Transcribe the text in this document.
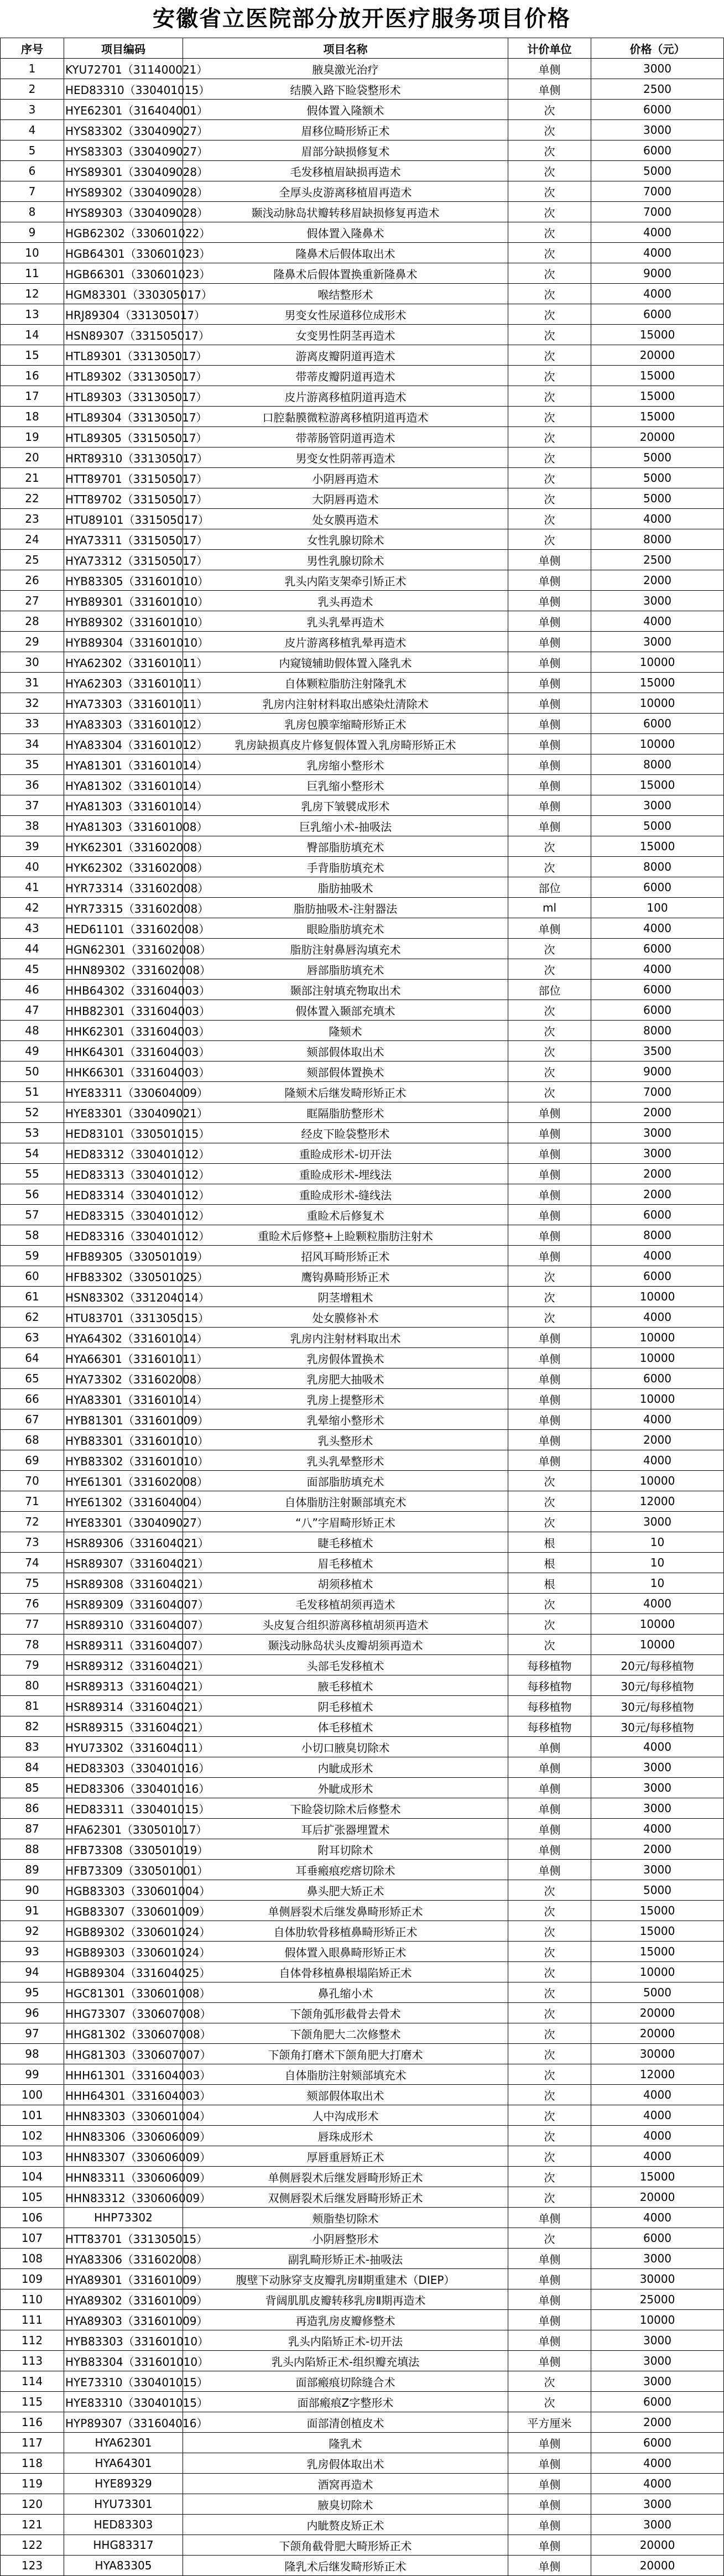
安徽省立医院部分放开医疗服务项目价格
序号	项目编码	项目名称	计价单位	价格（元）
1	KYU72701（311400021）	腋臭激光治疗	单侧	3000
2	HED83310（330401015）	结膜入路下睑袋整形术	单侧	2500
3	HYE62301（316404001）	假体置入隆额术	次	6000
4	HYS83302（330409027）	眉移位畸形矫正术	次	3000
5	HYS83303（330409027）	眉部分缺损修复术	次	6000
6	HYS89301（330409028）	毛发移植眉缺损再造术	次	5000
7	HYS89302（330409028）	全厚头皮游离移植眉再造术	次	7000
8	HYS89303（330409028）	颞浅动脉岛状瓣转移眉缺损修复再造术	次	7000
9	HGB62302（330601022）	假体置入隆鼻术	次	4000
10	HGB64301（330601023）	隆鼻术后假体取出术	次	4000
11	HGB66301（330601023）	隆鼻术后假体置换重新隆鼻术	次	9000
12	HGM83301（330305017）	喉结整形术	次	4000
13	HRJ89304（331305017）	男变女性尿道移位成形术	次	6000
14	HSN89307（331505017）	女变男性阴茎再造术	次	15000
15	HTL89301（331305017）	游离皮瓣阴道再造术	次	20000
16	HTL89302（331305017）	带蒂皮瓣阴道再造术	次	15000
17	HTL89303（331305017）	皮片游离移植阴道再造术	次	15000
18	HTL89304（331305017）	口腔黏膜微粒游离移植阴道再造术	次	15000
19	HTL89305（331505017）	带蒂肠管阴道再造术	次	20000
20	HRT89310（331305017）	男变女性阴蒂再造术	次	5000
21	HTT89701（331505017）	小阴唇再造术	次	5000
22	HTT89702（331505017）	大阴唇再造术	次	5000
23	HTU89101（331505017）	处女膜再造术	次	4000
24	HYA73311（331505017）	女性乳腺切除术	次	8000
25	HYA73312（331505017）	男性乳腺切除术	单侧	2500
26	HYB83305（331601010）	乳头内陷支架牵引矫正术	单侧	2000
27	HYB89301（331601010）	乳头再造术	单侧	3000
28	HYB89302（331601010）	乳头乳晕再造术	单侧	4000
29	HYB89304（331601010）	皮片游离移植乳晕再造术	单侧	3000
30	HYA62302（331601011）	内窥镜辅助假体置入隆乳术	单侧	10000
31	HYA62303（331601011）	自体颗粒脂肪注射隆乳术	单侧	15000
32	HYA73303（331601011）	乳房内注射材料取出感染灶清除术	单侧	10000
33	HYA83303（331601012）	乳房包膜挛缩畸形矫正术	单侧	6000
34	HYA83304（331601012）	乳房缺损真皮片修复假体置入乳房畸形矫正术	单侧	10000
35	HYA81301（331601014）	乳房缩小整形术	单侧	8000
36	HYA81302（331601014）	巨乳缩小整形术	单侧	15000
37	HYA81303（331601014）	乳房下皱襞成形术	单侧	3000
38	HYA81303（331601008）	巨乳缩小术-抽吸法	单侧	5000
39	HYK62301（331602008）	臀部脂肪填充术	次	15000
40	HYK62302（331602008）	手背脂肪填充术	次	8000
41	HYR73314（331602008）	脂肪抽吸术	部位	6000
42	HYR73315（331602008）	脂肪抽吸术-注射器法	ml	100
43	HED61101（331602008）	眼睑脂肪填充术	单侧	4000
44	HGN62301（331602008）	脂肪注射鼻唇沟填充术	次	6000
45	HHN89302（331602008）	唇部脂肪填充术	次	4000
46	HHB64302（331604003）	颞部注射填充物取出术	部位	6000
47	HHB82301（331604003）	假体置入颞部充填术	次	6000
48	HHK62301（331604003）	隆颏术	次	8000
49	HHK64301（331604003）	颏部假体取出术	次	3500
50	HHK66301（331604003）	颏部假体置换术	次	9000
51	HYE83311（330604009）	隆颏术后继发畸形矫正术	次	7000
52	HYE83301（330409021）	眶隔脂肪整形术	单侧	2000
53	HED83101（330501015）	经皮下睑袋整形术	单侧	3000
54	HED83312（330401012）	重睑成形术-切开法	单侧	3000
55	HED83313（330401012）	重睑成形术-埋线法	单侧	2000
56	HED83314（330401012）	重睑成形术-缝线法	单侧	2000
57	HED83315（330401012）	重睑术后修复术	单侧	6000
58	HED83316（330401012）	重睑术后修整+上睑颗粒脂肪注射术	单侧	8000
59	HFB89305（330501019）	招风耳畸形矫正术	单侧	4000
60	HFB83302（330501025）	鹰钩鼻畸形矫正术	次	6000
61	HSN83302（331204014）	阴茎增粗术	次	10000
62	HTU83701（331305015）	处女膜修补术	次	4000
63	HYA64302（331601014）	乳房内注射材料取出术	单侧	10000
64	HYA66301（331601011）	乳房假体置换术	单侧	10000
65	HYA73302（331602008）	乳房肥大抽吸术	单侧	6000
66	HYA83301（331601014）	乳房上提整形术	单侧	10000
67	HYB81301（331601009）	乳晕缩小整形术	单侧	4000
68	HYB83301（331601010）	乳头整形术	单侧	2000
69	HYB83302（331601010）	乳头乳晕整形术	单侧	4000
70	HYE61301（331602008）	面部脂肪填充术	次	10000
71	HYE61302（331604004）	自体脂肪注射颞部填充术	次	12000
72	HYE83301（330409027）	“八”字眉畸形矫正术	次	3000
73	HSR89306（331604021）	睫毛移植术	根	10
74	HSR89307（331604021）	眉毛移植术	根	10
75	HSR89308（331604021）	胡须移植术	根	10
76	HSR89309（331604007）	毛发移植胡须再造术	次	4000
77	HSR89310（331604007）	头皮复合组织游离移植胡须再造术	次	10000
78	HSR89311（331604007）	颞浅动脉岛状头皮瓣胡须再造术	次	10000
79	HSR89312（331604021）	头部毛发移植术	每移植物	20元/每移植物
80	HSR89313（331604021）	腋毛移植术	每移植物	30元/每移植物
81	HSR89314（331604021）	阴毛移植术	每移植物	30元/每移植物
82	HSR89315（331604021）	体毛移植术	每移植物	30元/每移植物
83	HYU73302（331604011）	小切口腋臭切除术	单侧	4000
84	HED83303（330401016）	内眦成形术	单侧	3000
85	HED83306（330401016）	外眦成形术	单侧	3000
86	HED83311（330401015）	下睑袋切除术后修整术	单侧	3000
87	HFA62301（330501017）	耳后扩张器埋置术	单侧	4000
88	HFB73308（330501019）	附耳切除术	单侧	2000
89	HFB73309（330501001）	耳垂瘢痕疙瘩切除术	单侧	3000
90	HGB83303（330601004）	鼻头肥大矫正术	次	5000
91	HGB83307（330601009）	单侧唇裂术后继发鼻畸形矫正术	次	15000
92	HGB89302（330601024）	自体肋软骨移植鼻畸形矫正术	次	15000
93	HGB89303（330601024）	假体置入眼鼻畸形矫正术	次	15000
94	HGB89304（331604025）	自体骨移植鼻根塌陷矫正术	次	10000
95	HGC81301（330601008）	鼻孔缩小术	次	5000
96	HHG73307（330607008）	下颌角弧形截骨去骨术	次	20000
97	HHG81302（330607008）	下颌角肥大二次修整术	次	20000
98	HHG81303（330607007）	下颌角打磨术下颌角肥大打磨术	次	30000
99	HHH61301（331604003）	自体脂肪注射颏部填充术	次	12000
100	HHH64301（331604003）	颏部假体取出术	次	4000
101	HHN83303（330601004）	人中沟成形术	次	4000
102	HHN83306（330606009）	唇珠成形术	次	4000
103	HHN83307（330606009）	厚唇重唇矫正术	次	4000
104	HHN83311（330606009）	单侧唇裂术后继发唇畸形矫正术	次	15000
105	HHN83312（330606009）	双侧唇裂术后继发唇畸形矫正术	次	20000
106	HHP73302	颊脂垫切除术	单侧	4000
107	HTT83701（331305015）	小阴唇整形术	次	6000
108	HYA83306（331602008）	副乳畸形矫正术-抽吸法	单侧	3000
109	HYA89301（331601009）	腹壁下动脉穿支皮瓣乳房Ⅱ期重建术（DIEP）	单侧	30000
110	HYA89302（331601009）	背阔肌肌皮瓣转移乳房Ⅱ期再造术	单侧	25000
111	HYA89303（331601009）	再造乳房皮瓣修整术	单侧	10000
112	HYB83303（331601010）	乳头内陷矫正术-切开法	单侧	3000
113	HYB83304（331601010）	乳头内陷矫正术-组织瓣充填法	单侧	3000
114	HYE73310（330401015）	面部瘢痕切除缝合术	次	3000
115	HYE83310（330401015）	面部瘢痕Z字整形术	次	6000
116	HYP89307（331604016）	面部清创植皮术	平方厘米	2000
117	HYA62301	隆乳术	单侧	6000
118	HYA64301	乳房假体取出术	单侧	4000
119	HYE89329	酒窝再造术	单侧	4000
120	HYU73301	腋臭切除术	单侧	3000
121	HED83303	内眦赘皮矫正术	单侧	3000
122	HHG83317	下颌角截骨肥大畸形矫正术	单侧	20000
123	HYA83305	隆乳术后继发畸形矫正术	单侧	20000
